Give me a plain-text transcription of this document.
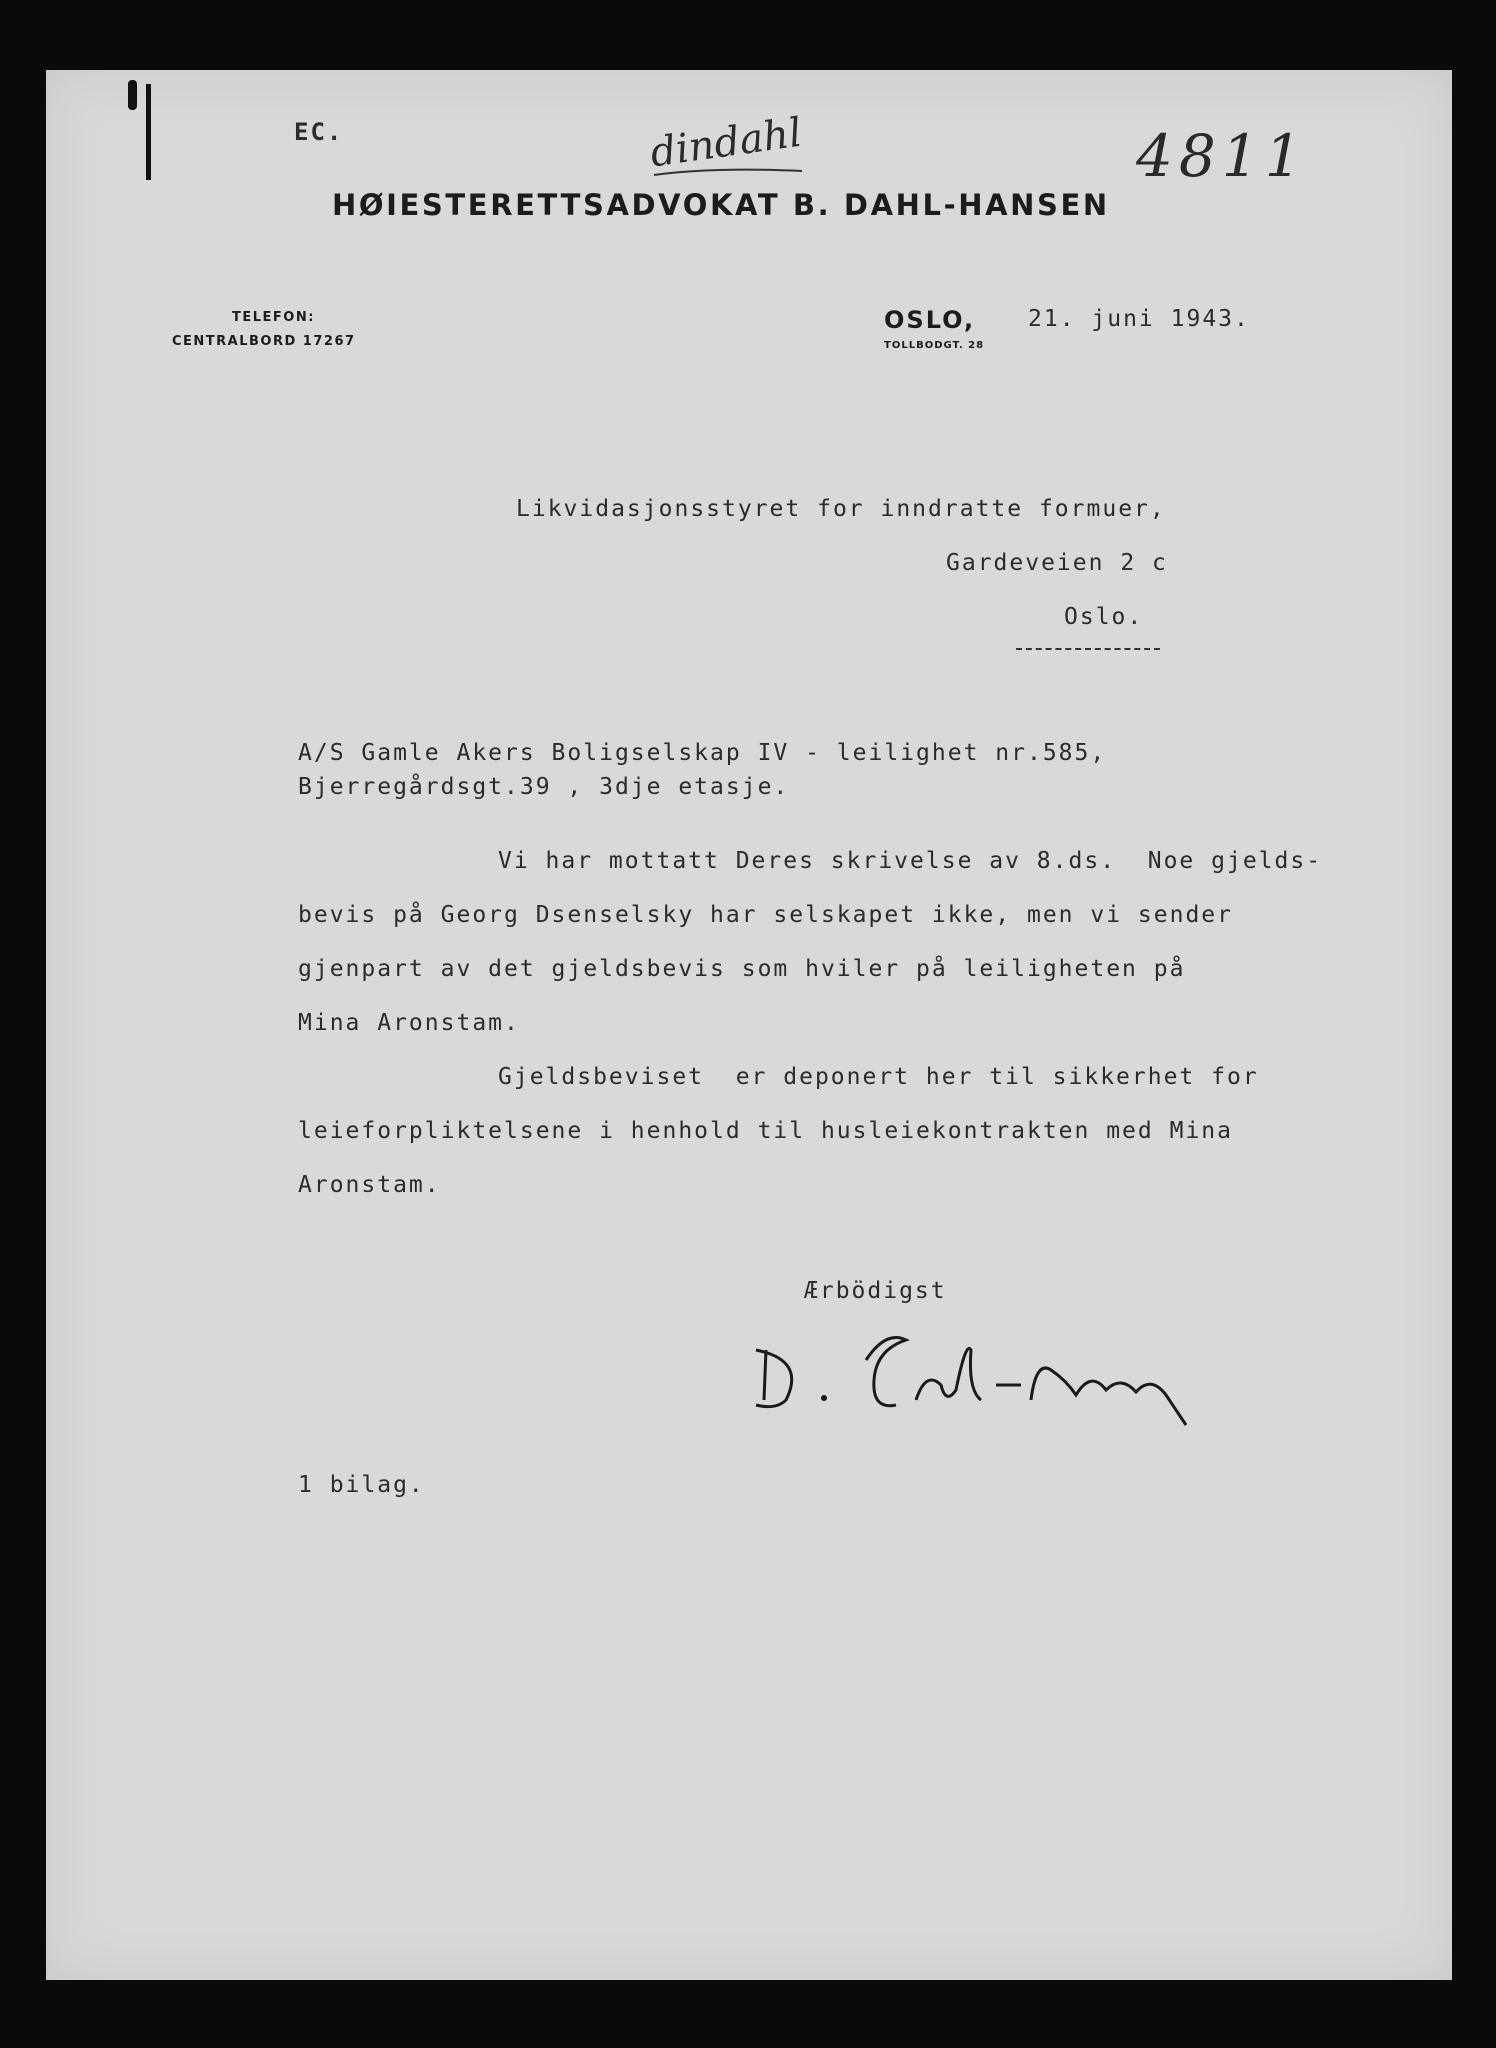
EC.	dindahl	4811
HØIESTERETTSADVOKAT B. DAHL-HANSEN
TELEFON:
CENTRALBORD 17267
OSLO,
TOLLBODGT. 28
21. juni 1943.
Likvidasjonsstyret for inndratte formuer,
Gardeveien 2 c
Oslo.
A/S Gamle Akers Boligselskap IV - leilighet nr.585,
Bjerregårdsgt.39 , 3dje etasje.
Vi har mottatt Deres skrivelse av 8.ds.  Noe gjelds-
bevis på Georg Dsenselsky har selskapet ikke, men vi sender
gjenpart av det gjeldsbevis som hviler på leiligheten på
Mina Aronstam.
Gjeldsbeviset  er deponert her til sikkerhet for
leieforpliktelsene i henhold til husleiekontrakten med Mina
Aronstam.
Ærbödigst
1 bilag.
